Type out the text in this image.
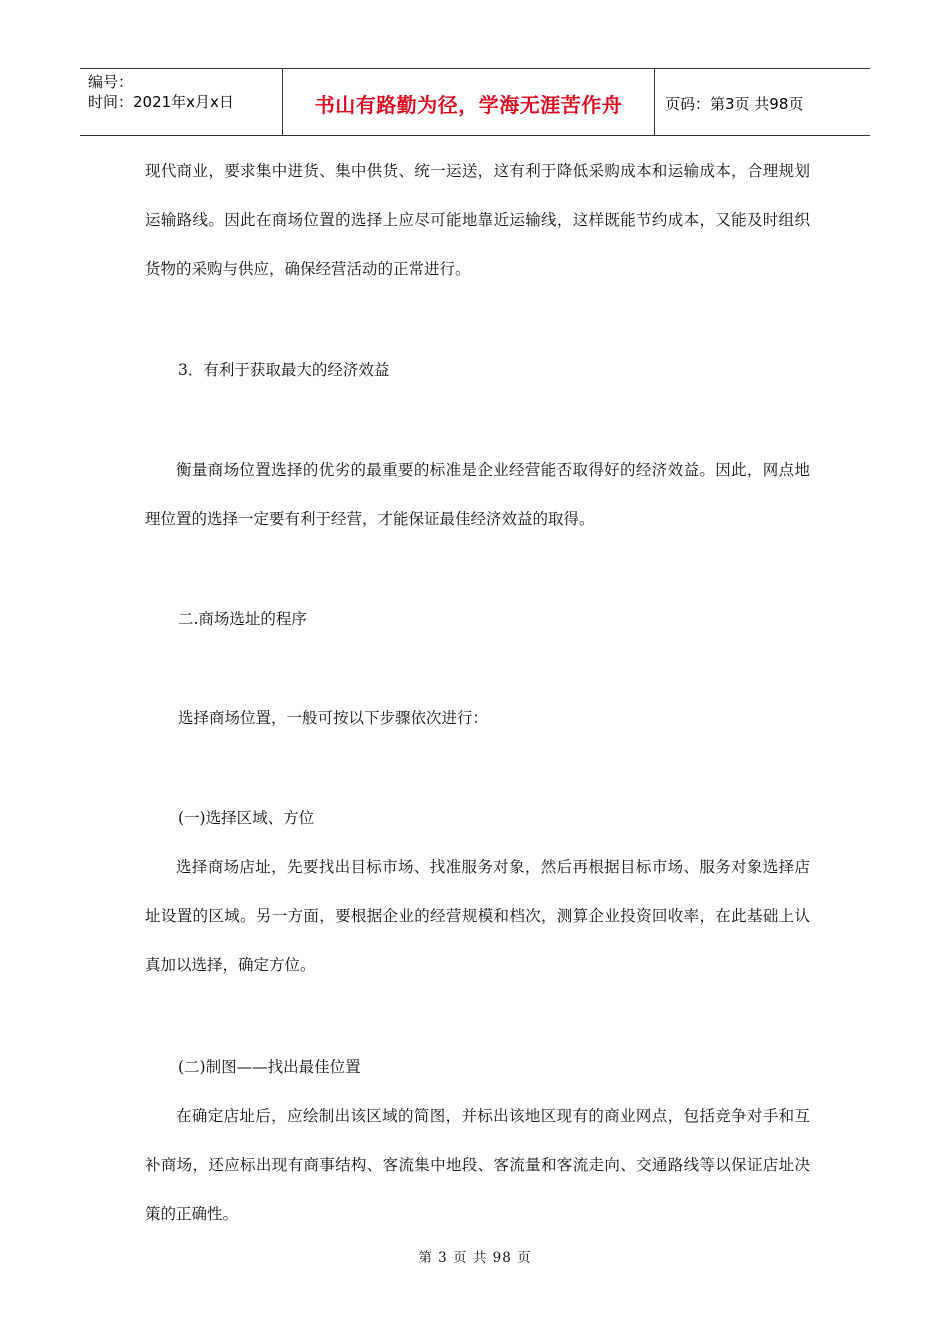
编号：
时间：2021年x月x日	书山有路勤为径，学海无涯苦作舟	页码：第3页 共98页

现代商业，要求集中进货、集中供货、统一运送，这有利于降低采购成本和运输成本，合理规划运输路线。因此在商场位置的选择上应尽可能地靠近运输线，这样既能节约成本，又能及时组织货物的采购与供应，确保经营活动的正常进行。

3．有利于获取最大的经济效益

衡量商场位置选择的优劣的最重要的标准是企业经营能否取得好的经济效益。因此，网点地理位置的选择一定要有利于经营，才能保证最佳经济效益的取得。

二.商场选址的程序

选择商场位置，一般可按以下步骤依次进行：

(一)选择区域、方位

选择商场店址，先要找出目标市场、找准服务对象，然后再根据目标市场、服务对象选择店址设置的区域。另一方面，要根据企业的经营规模和档次，测算企业投资回收率，在此基础上认真加以选择，确定方位。

(二)制图——找出最佳位置

在确定店址后，应绘制出该区域的简图，并标出该地区现有的商业网点，包括竞争对手和互补商场，还应标出现有商事结构、客流集中地段、客流量和客流走向、交通路线等以保证店址决策的正确性。

第 3 页 共 98 页
